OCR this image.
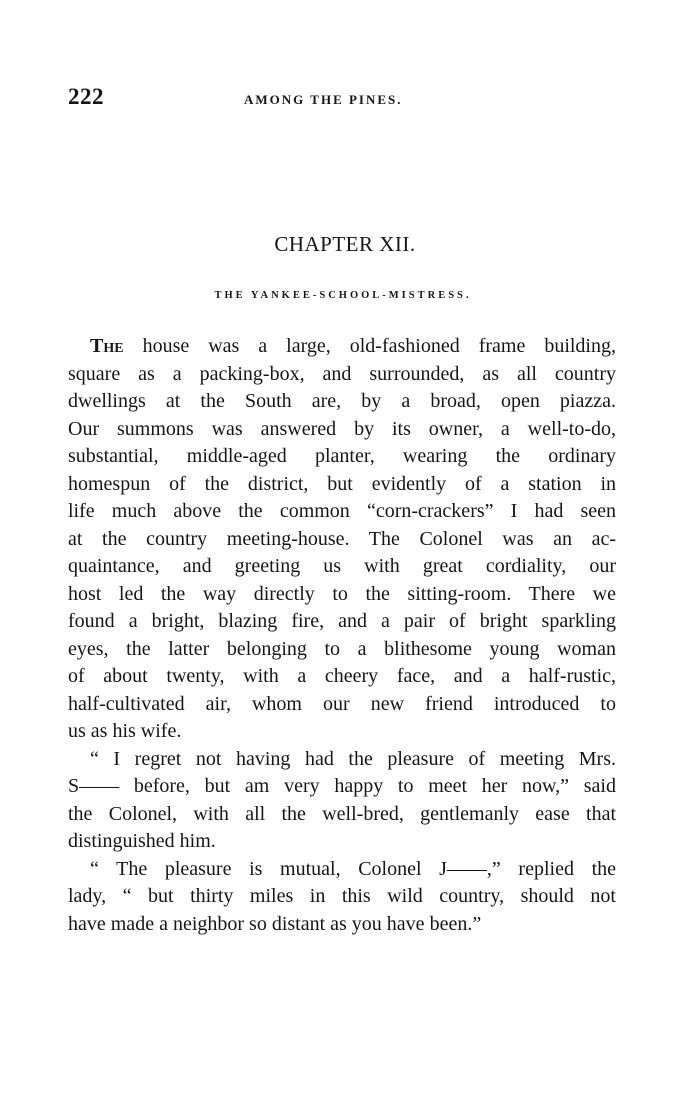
222	AMONG THE PINES.
CHAPTER XII.
THE YANKEE-SCHOOL-MISTRESS.
The house was a large, old-fashioned frame building,
square as a packing-box, and surrounded, as all country
dwellings at the South are, by a broad, open piazza.
Our summons was answered by its owner, a well-to-do,
substantial, middle-aged planter, wearing the ordinary
homespun of the district, but evidently of a station in
life much above the common “corn-crackers” I had seen
at the country meeting-house. The Colonel was an ac-
quaintance, and greeting us with great cordiality, our
host led the way directly to the sitting-room. There we
found a bright, blazing fire, and a pair of bright sparkling
eyes, the latter belonging to a blithesome young woman
of about twenty, with a cheery face, and a half-rustic,
half-cultivated air, whom our new friend introduced to
us as his wife.
“ I regret not having had the pleasure of meeting Mrs.
S—— before, but am very happy to meet her now,” said
the Colonel, with all the well-bred, gentlemanly ease that
distinguished him.
“ The pleasure is mutual, Colonel J——,” replied the
lady, “ but thirty miles in this wild country, should not
have made a neighbor so distant as you have been.”
